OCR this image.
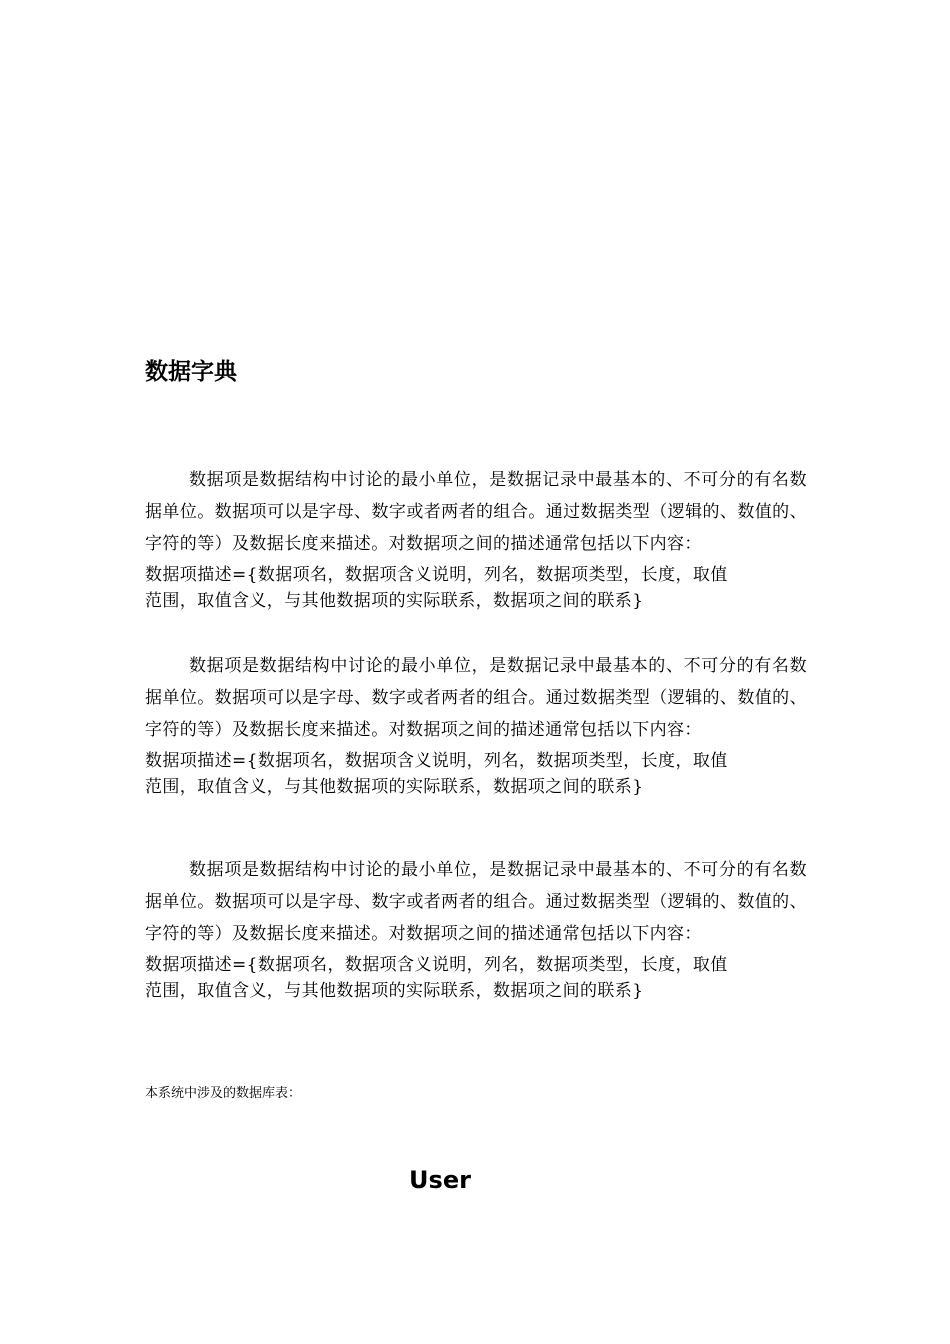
数据字典

数据项是数据结构中讨论的最小单位，是数据记录中最基本的、不可分的有名数据单位。数据项可以是字母、数字或者两者的组合。通过数据类型（逻辑的、数值的、字符的等）及数据长度来描述。对数据项之间的描述通常包括以下内容：

数据项描述={数据项名，数据项含义说明，列名，数据项类型，长度，取值

范围，取值含义，与其他数据项的实际联系，数据项之间的联系}

数据项是数据结构中讨论的最小单位，是数据记录中最基本的、不可分的有名数据单位。数据项可以是字母、数字或者两者的组合。通过数据类型（逻辑的、数值的、字符的等）及数据长度来描述。对数据项之间的描述通常包括以下内容：

数据项描述={数据项名，数据项含义说明，列名，数据项类型，长度，取值

范围，取值含义，与其他数据项的实际联系，数据项之间的联系}

数据项是数据结构中讨论的最小单位，是数据记录中最基本的、不可分的有名数据单位。数据项可以是字母、数字或者两者的组合。通过数据类型（逻辑的、数值的、字符的等）及数据长度来描述。对数据项之间的描述通常包括以下内容：

数据项描述={数据项名，数据项含义说明，列名，数据项类型，长度，取值

范围，取值含义，与其他数据项的实际联系，数据项之间的联系}

本系统中涉及的数据库表：

User
